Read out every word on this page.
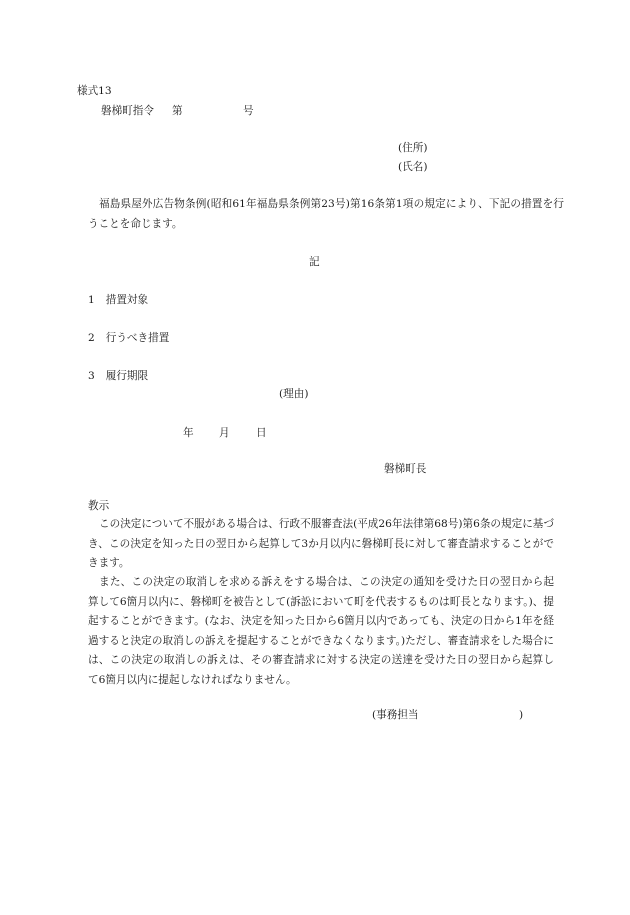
様式13
磐梯町指令 第	号
(住所)
(氏名)
福島県屋外広告物条例(昭和61年福島県条例第23号)第16条第1項の規定により、下記の措置を行うことを命じます。
記
1 措置対象
2 行うべき措置
3 履行期限
(理由)
年 月 日
磐梯町長
教示
この決定について不服がある場合は、行政不服審査法(平成26年法律第68号)第6条の規定に基づき、この決定を知った日の翌日から起算して3か月以内に磐梯町長に対して審査請求することができます。
また、この決定の取消しを求める訴えをする場合は、この決定の通知を受けた日の翌日から起算して6箇月以内に、磐梯町を被告として(訴訟において町を代表するものは町長となります。)、提起することができます。(なお、決定を知った日から6箇月以内であっても、決定の日から1年を経過すると決定の取消しの訴えを提起することができなくなります。)ただし、審査請求をした場合には、この決定の取消しの訴えは、その審査請求に対する決定の送達を受けた日の翌日から起算して6箇月以内に提起しなければなりません。
(事務担当	)
